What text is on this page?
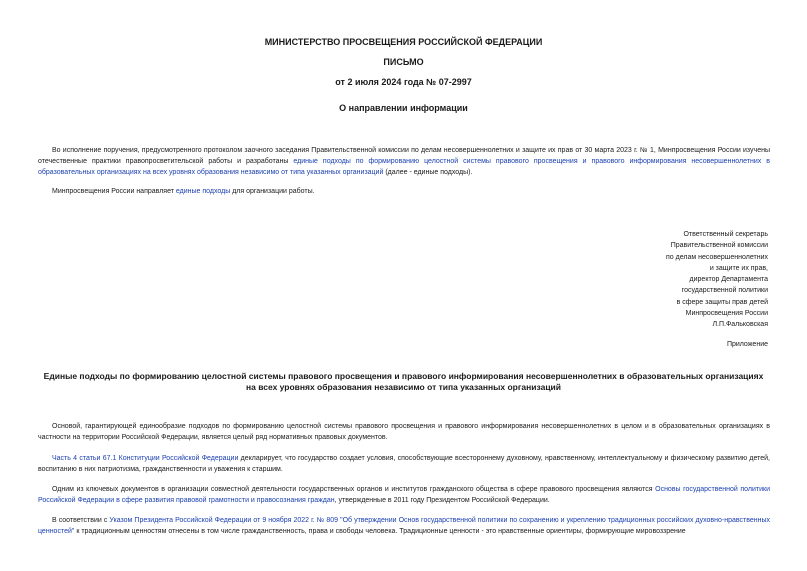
МИНИСТЕРСТВО ПРОСВЕЩЕНИЯ РОССИЙСКОЙ ФЕДЕРАЦИИ
ПИСЬМО
от 2 июля 2024 года № 07-2997
О направлении информации
Во исполнение поручения, предусмотренного протоколом заочного заседания Правительственной комиссии по делам несовершеннолетних и защите их прав от 30 марта 2023 г. № 1, Минпросвещения России изучены отечественные практики правопросветительской работы и разработаны единые подходы по формированию целостной системы правового просвещения и правового информирования несовершеннолетних в образовательных организациях на всех уровнях образования независимо от типа указанных организаций (далее - единые подходы).
Минпросвещения России направляет единые подходы для организации работы.
Ответственный секретарь
Правительственной комиссии
по делам несовершеннолетних
и защите их прав,
директор Департамента
государственной политики
в сфере защиты прав детей
Минпросвещения России
Л.П.Фальковская
Приложение
Единые подходы по формированию целостной системы правового просвещения и правового информирования несовершеннолетних в образовательных организациях на всех уровнях образования независимо от типа указанных организаций
Основой, гарантирующей единообразие подходов по формированию целостной системы правового просвещения и правового информирования несовершеннолетних в целом и в образовательных организациях в частности на территории Российской Федерации, является целый ряд нормативных правовых документов.
Часть 4 статьи 67.1 Конституции Российской Федерации декларирует, что государство создает условия, способствующие всестороннему духовному, нравственному, интеллектуальному и физическому развитию детей, воспитанию в них патриотизма, гражданственности и уважения к старшим.
Одним из ключевых документов в организации совместной деятельности государственных органов и институтов гражданского общества в сфере правового просвещения являются Основы государственной политики Российской Федерации в сфере развития правовой грамотности и правосознания граждан, утвержденные в 2011 году Президентом Российской Федерации.
В соответствии с Указом Президента Российской Федерации от 9 ноября 2022 г. № 809 "Об утверждении Основ государственной политики по сохранению и укреплению традиционных российских духовно-нравственных ценностей" к традиционным ценностям отнесены в том числе гражданственность, права и свободы человека. Традиционные ценности - это нравственные ориентиры, формирующие мировоззрение
